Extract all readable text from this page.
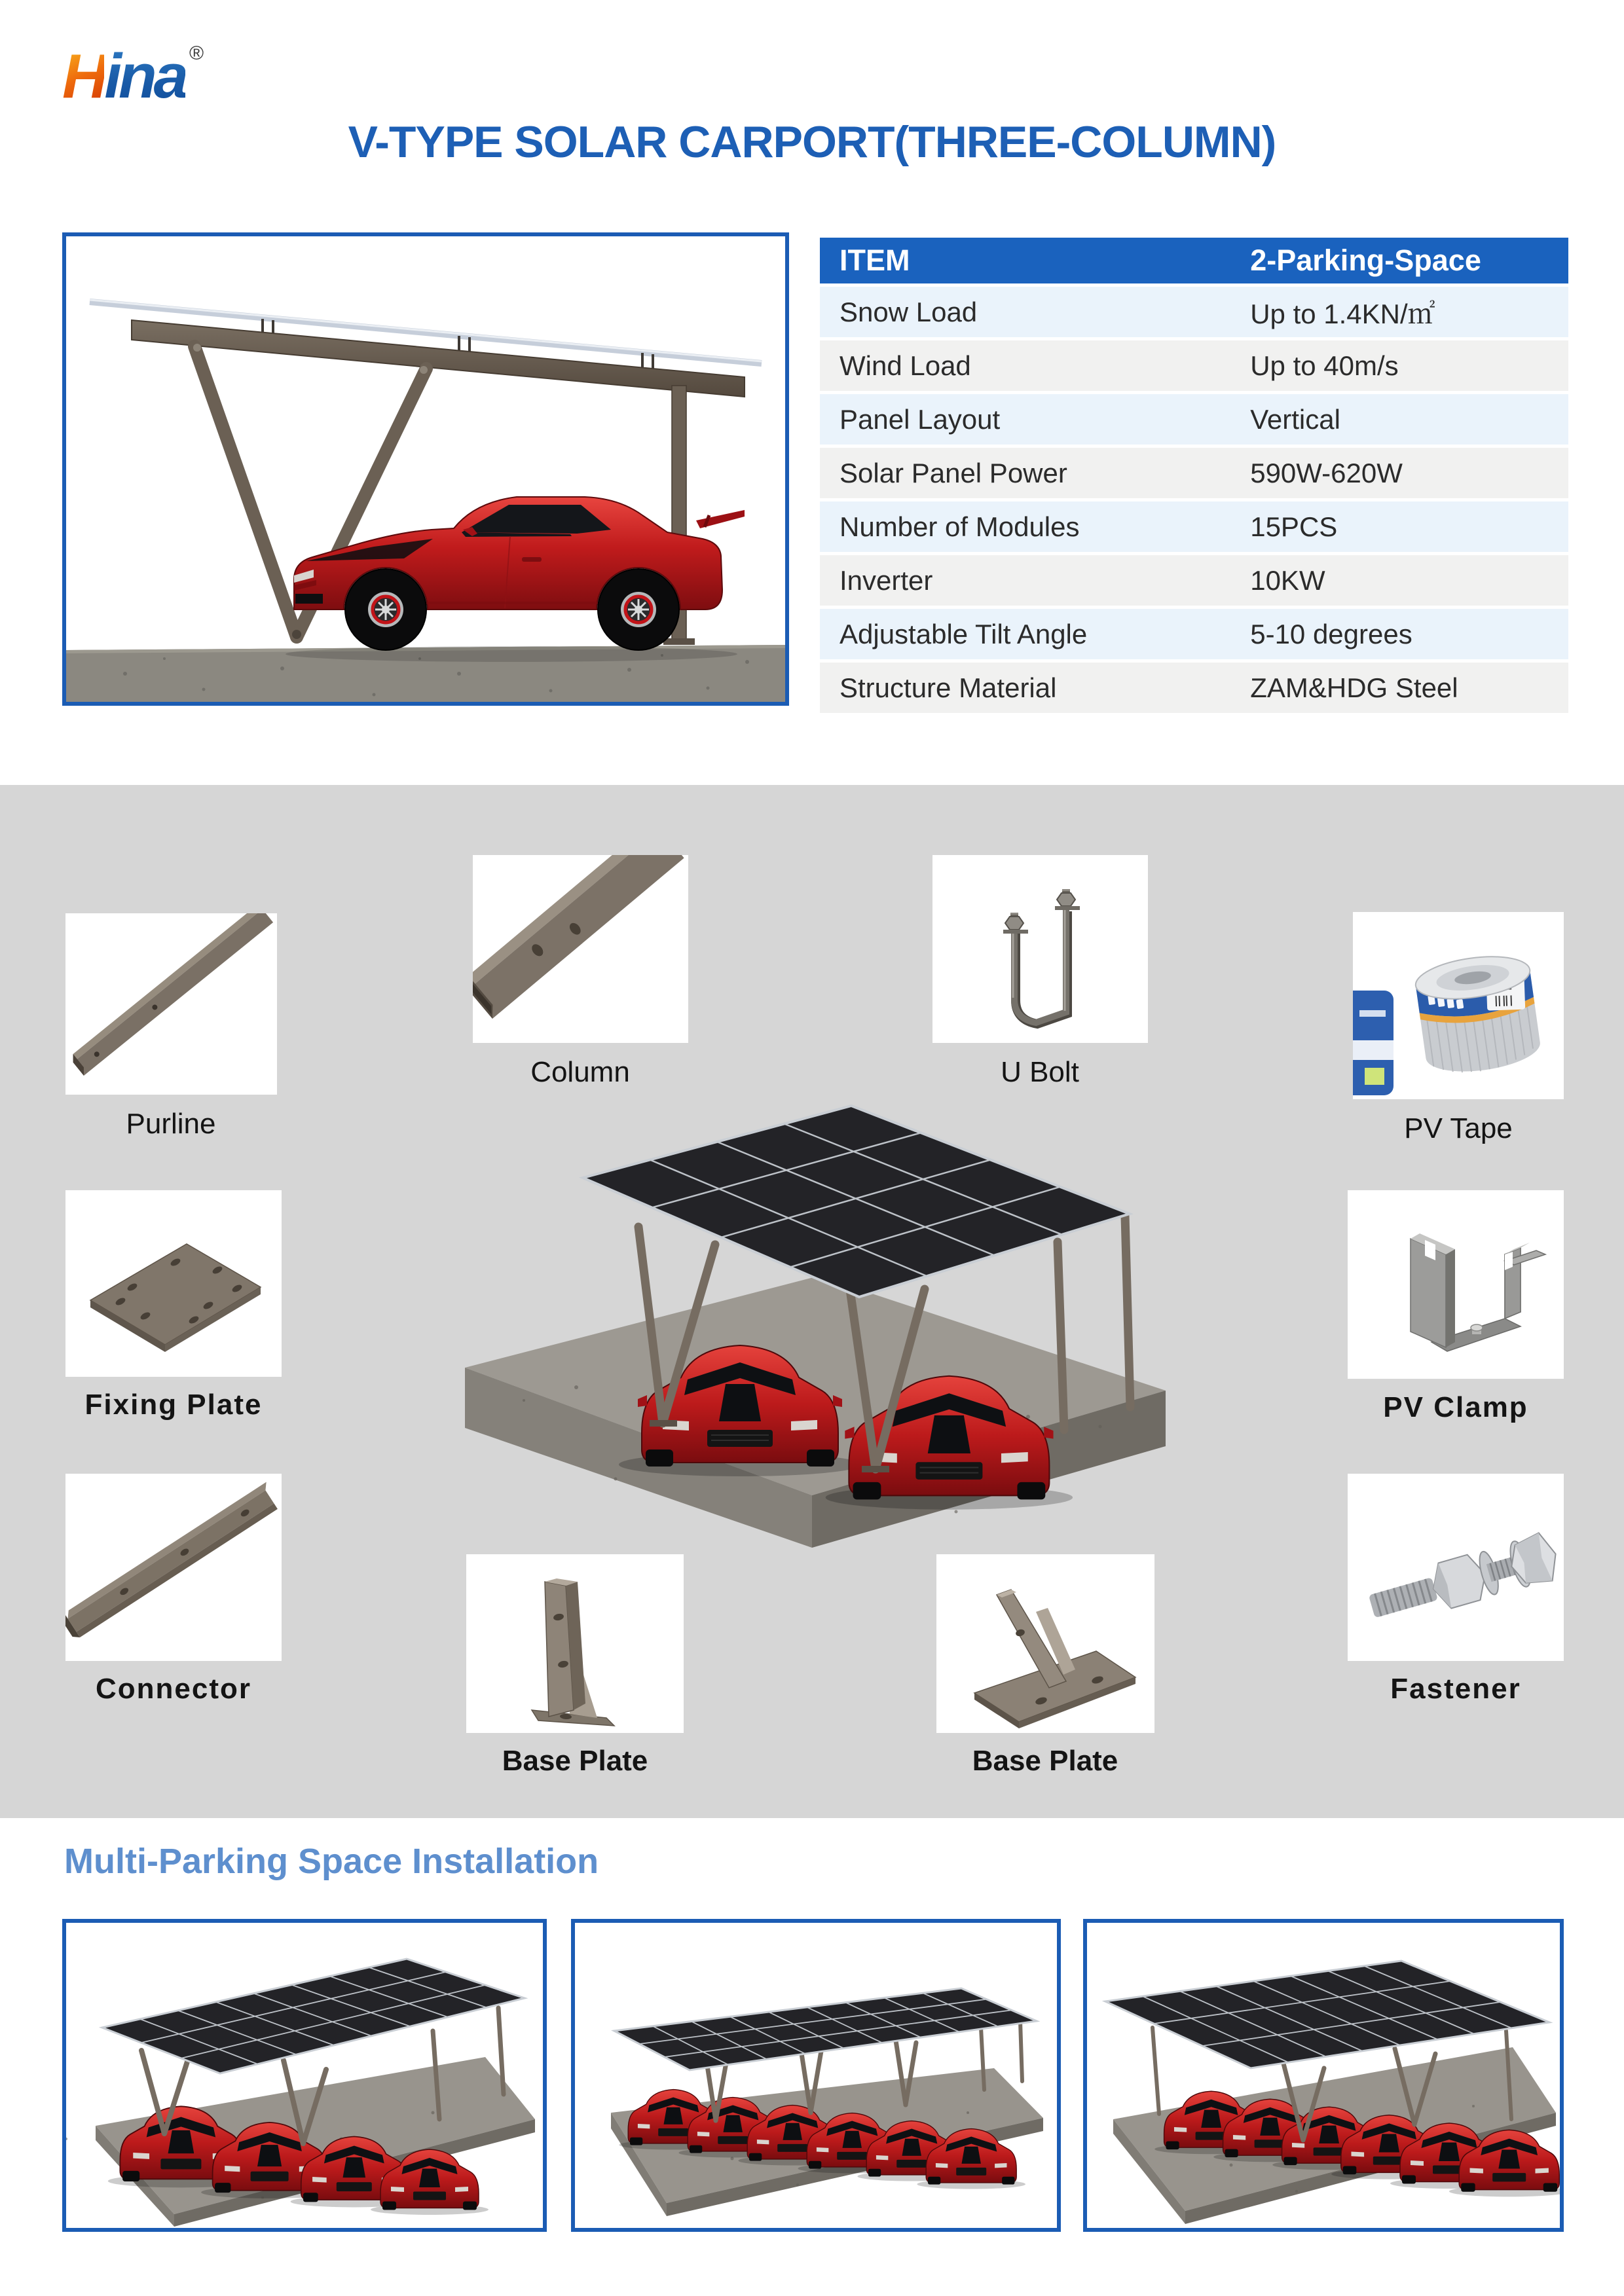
Hina ®
V-TYPE SOLAR CARPORT(THREE-COLUMN)
ITEM	2-Parking-Space
Snow Load	Up to 1.4KN/㎡
Wind Load	Up to 40m/s
Panel Layout	Vertical
Solar Panel Power	590W-620W
Number of Modules	15PCS
Inverter	10KW
Adjustable Tilt Angle	5-10 degrees
Structure Material	ZAM&HDG Steel
Purline
Column	U Bolt
PV Tape
Fixing Plate
Connector
PV Clamp
Fastener
Base Plate	Base Plate
Multi-Parking Space Installation
